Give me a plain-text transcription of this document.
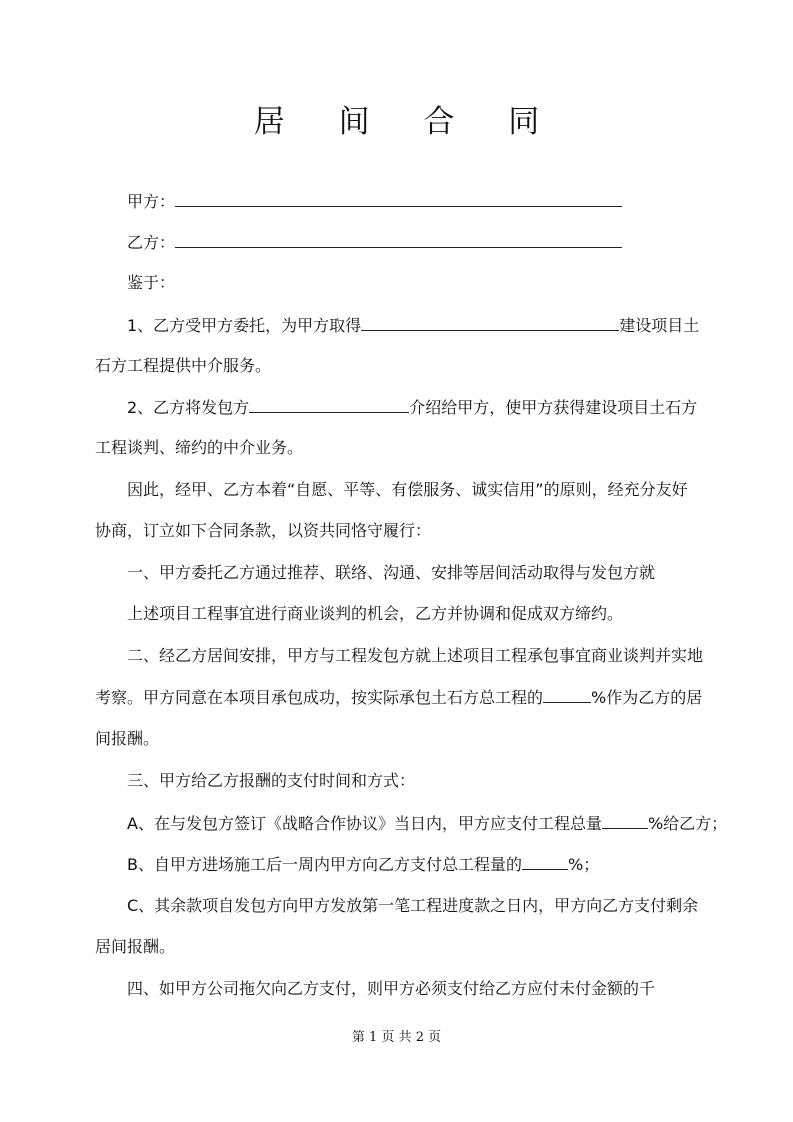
居 间 合 同
甲方：
乙方：
鉴于：
1、乙方受甲方委托，为甲方取得	建设项目土
石方工程提供中介服务。
2、乙方将发包方	介绍给甲方，使甲方获得建设项目土石方
工程谈判、缔约的中介业务。
因此，经甲、乙方本着“自愿、平等、有偿服务、诚实信用”的原则，经充分友好
协商，订立如下合同条款，以资共同恪守履行：
一、甲方委托乙方通过推荐、联络、沟通、安排等居间活动取得与发包方就
上述项目工程事宜进行商业谈判的机会，乙方并协调和促成双方缔约。
二、经乙方居间安排，甲方与工程发包方就上述项目工程承包事宜商业谈判并实地
考察。甲方同意在本项目承包成功，按实际承包土石方总工程的	%作为乙方的居
间报酬。
三、甲方给乙方报酬的支付时间和方式：
A、在与发包方签订《战略合作协议》当日内，甲方应支付工程总量	%给乙方；
B、自甲方进场施工后一周内甲方向乙方支付总工程量的	%；
C、其余款项自发包方向甲方发放第一笔工程进度款之日内，甲方向乙方支付剩余
居间报酬。
四、如甲方公司拖欠向乙方支付，则甲方必须支付给乙方应付未付金额的千
第 1 页 共 2 页
